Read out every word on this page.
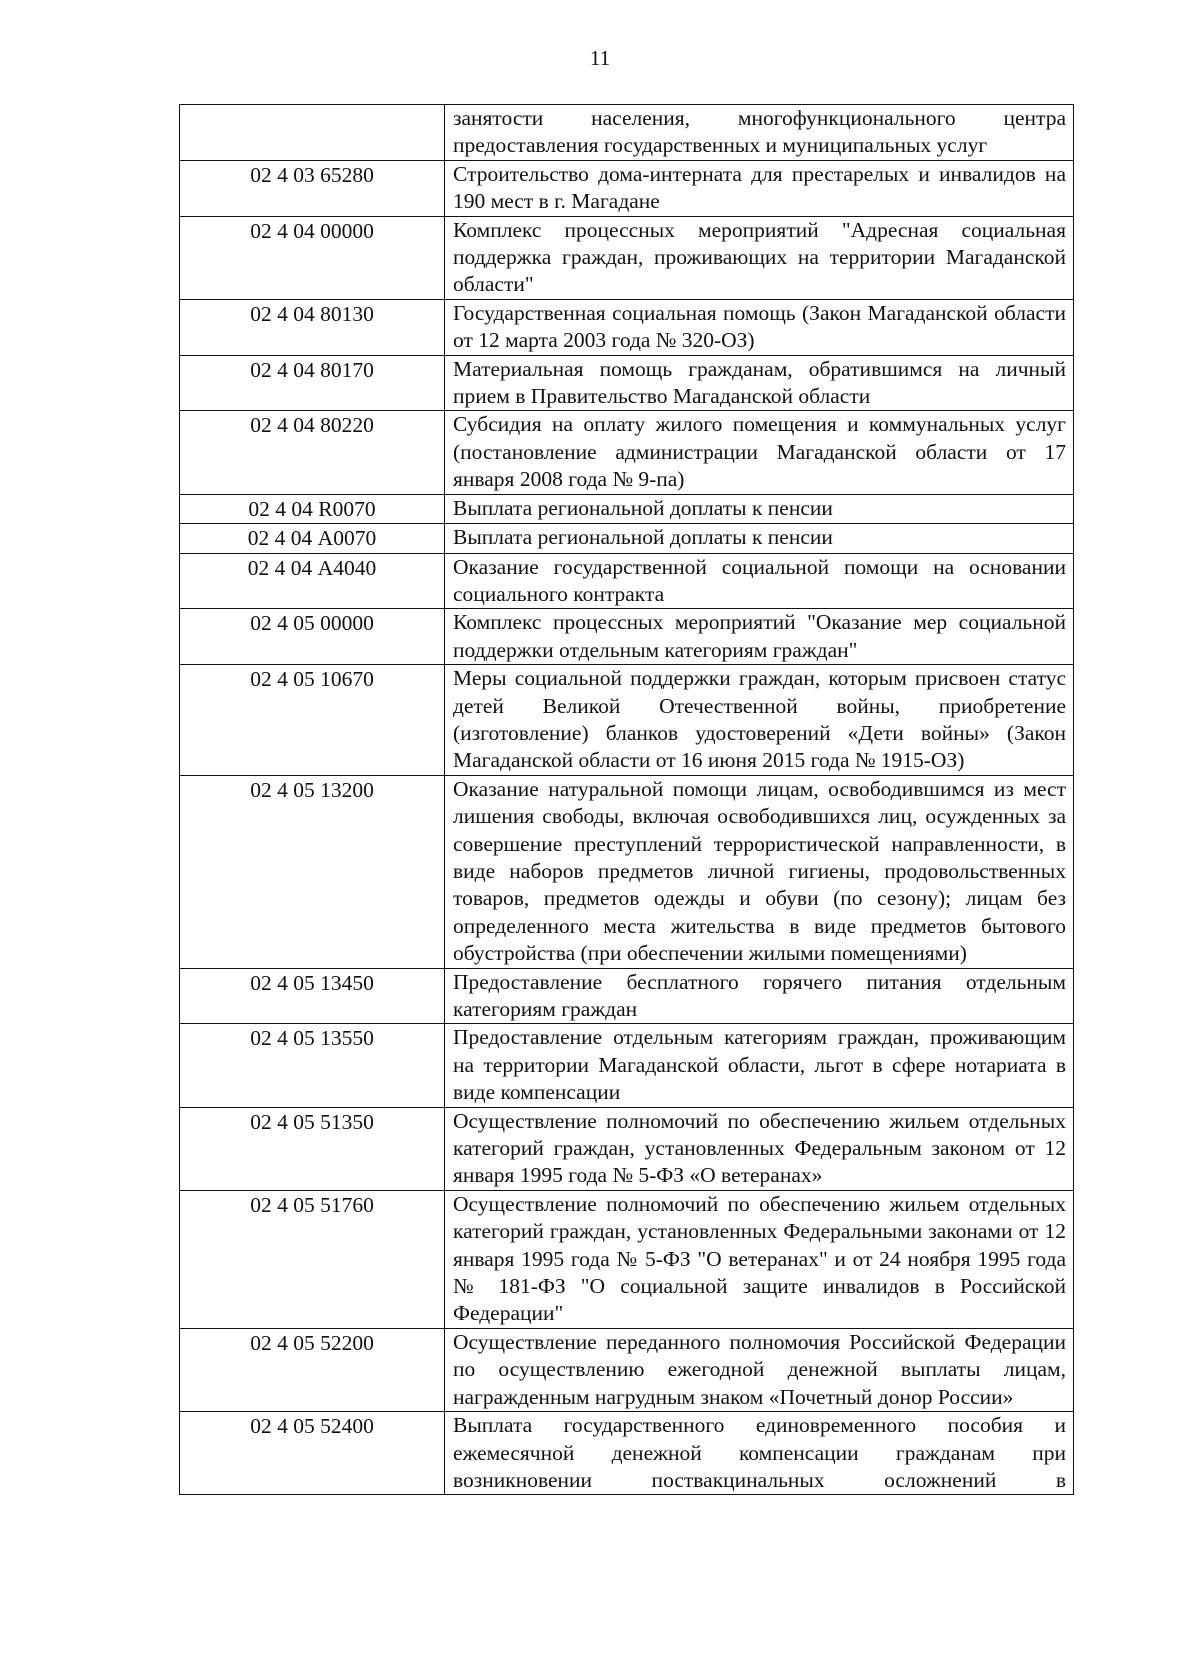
11
	занятости населения, многофункционального центра предоставления государственных и муниципальных услуг
02 4 03 65280	Строительство дома-интерната для престарелых и инвалидов на 190 мест в г. Магадане
02 4 04 00000	Комплекс процессных мероприятий "Адресная социальная поддержка граждан, проживающих на территории Магаданской области"
02 4 04 80130	Государственная социальная помощь (Закон Магаданской области от 12 марта 2003 года № 320-ОЗ)
02 4 04 80170	Материальная помощь гражданам, обратившимся на личный прием в Правительство Магаданской области
02 4 04 80220	Субсидия на оплату жилого помещения и коммунальных услуг (постановление администрации Магаданской области от 17 января 2008 года № 9-па)
02 4 04 R0070	Выплата региональной доплаты к пенсии
02 4 04 А0070	Выплата региональной доплаты к пенсии
02 4 04 А4040	Оказание государственной социальной помощи на основании социального контракта
02 4 05 00000	Комплекс процессных мероприятий "Оказание мер социальной поддержки отдельным категориям граждан"
02 4 05 10670	Меры социальной поддержки граждан, которым присвоен статус детей Великой Отечественной войны, приобретение (изготовление) бланков удостоверений «Дети войны» (Закон Магаданской области от 16 июня 2015 года № 1915-ОЗ)
02 4 05 13200	Оказание натуральной помощи лицам, освободившимся из мест лишения свободы, включая освободившихся лиц, осужденных за совершение преступлений террористической направленности, в виде наборов предметов личной гигиены, продовольственных товаров, предметов одежды и обуви (по сезону); лицам без определенного места жительства в виде предметов бытового обустройства (при обеспечении жилыми помещениями)
02 4 05 13450	Предоставление бесплатного горячего питания отдельным категориям граждан
02 4 05 13550	Предоставление отдельным категориям граждан, проживающим на территории Магаданской области, льгот в сфере нотариата в виде компенсации
02 4 05 51350	Осуществление полномочий по обеспечению жильем отдельных категорий граждан, установленных Федеральным законом от 12 января 1995 года № 5-ФЗ «О ветеранах»
02 4 05 51760	Осуществление полномочий по обеспечению жильем отдельных категорий граждан, установленных Федеральными законами от 12 января 1995 года № 5-ФЗ "О ветеранах" и от 24 ноября 1995 года № 181-ФЗ "О социальной защите инвалидов в Российской Федерации"
02 4 05 52200	Осуществление переданного полномочия Российской Федерации по осуществлению ежегодной денежной выплаты лицам, награжденным нагрудным знаком «Почетный донор России»
02 4 05 52400	Выплата государственного единовременного пособия и ежемесячной денежной компенсации гражданам при возникновении поствакцинальных осложнений в
